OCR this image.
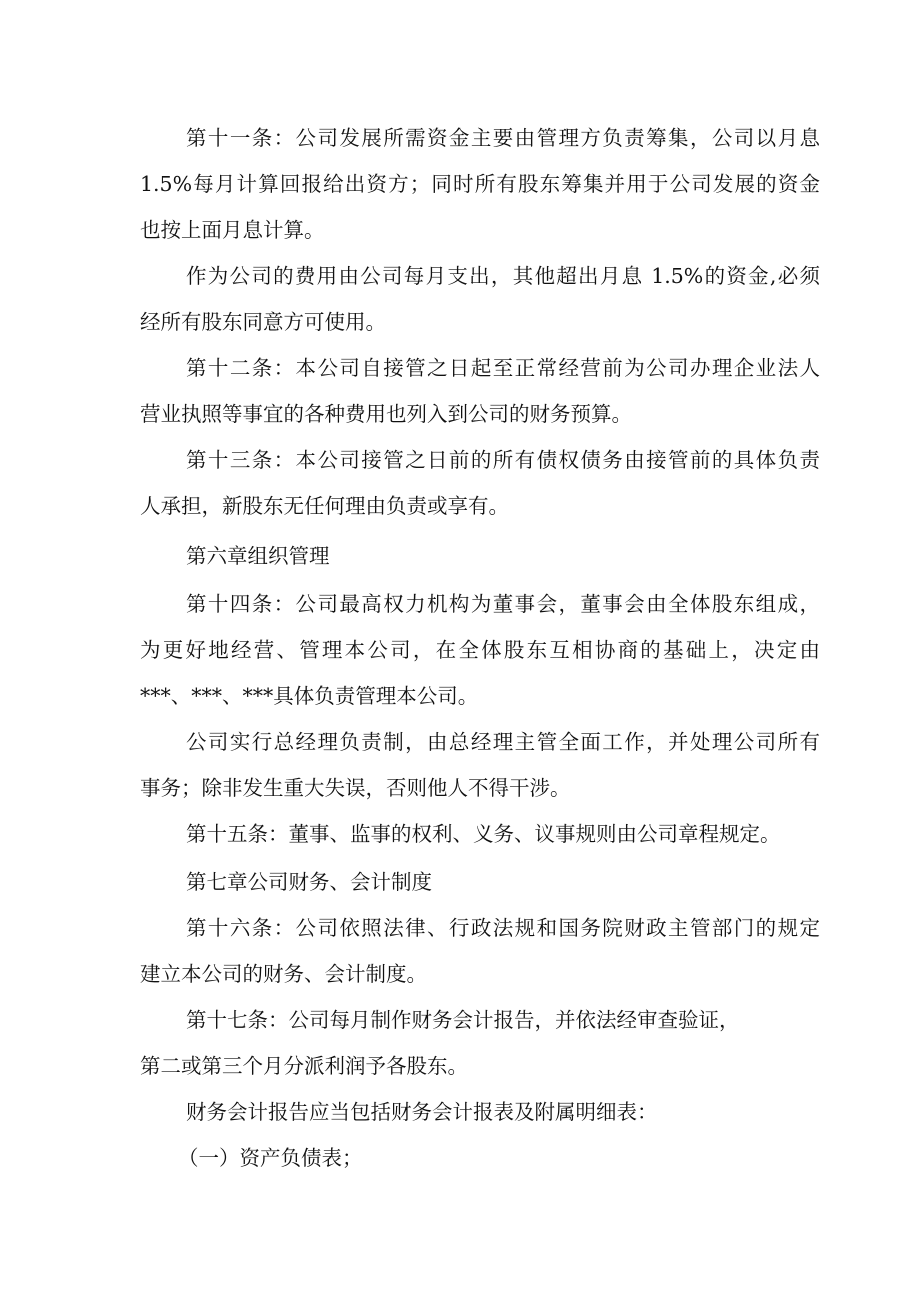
第十一条：公司发展所需资金主要由管理方负责筹集，公司以月息
1.5%每月计算回报给出资方；同时所有股东筹集并用于公司发展的资金
也按上面月息计算。
作为公司的费用由公司每月支出，其他超出月息 1.5%的资金,必须
经所有股东同意方可使用。
第十二条：本公司自接管之日起至正常经营前为公司办理企业法人
营业执照等事宜的各种费用也列入到公司的财务预算。
第十三条：本公司接管之日前的所有债权债务由接管前的具体负责
人承担，新股东无任何理由负责或享有。
第六章组织管理
第十四条：公司最高权力机构为董事会，董事会由全体股东组成，
为更好地经营、管理本公司，在全体股东互相协商的基础上，决定由
***、***、***具体负责管理本公司。
公司实行总经理负责制，由总经理主管全面工作，并处理公司所有
事务；除非发生重大失误，否则他人不得干涉。
第十五条：董事、监事的权利、义务、议事规则由公司章程规定。
第七章公司财务、会计制度
第十六条：公司依照法律、行政法规和国务院财政主管部门的规定
建立本公司的财务、会计制度。
第十七条：公司每月制作财务会计报告，并依法经审查验证，
第二或第三个月分派利润予各股东。
财务会计报告应当包括财务会计报表及附属明细表：
（一）资产负债表；
